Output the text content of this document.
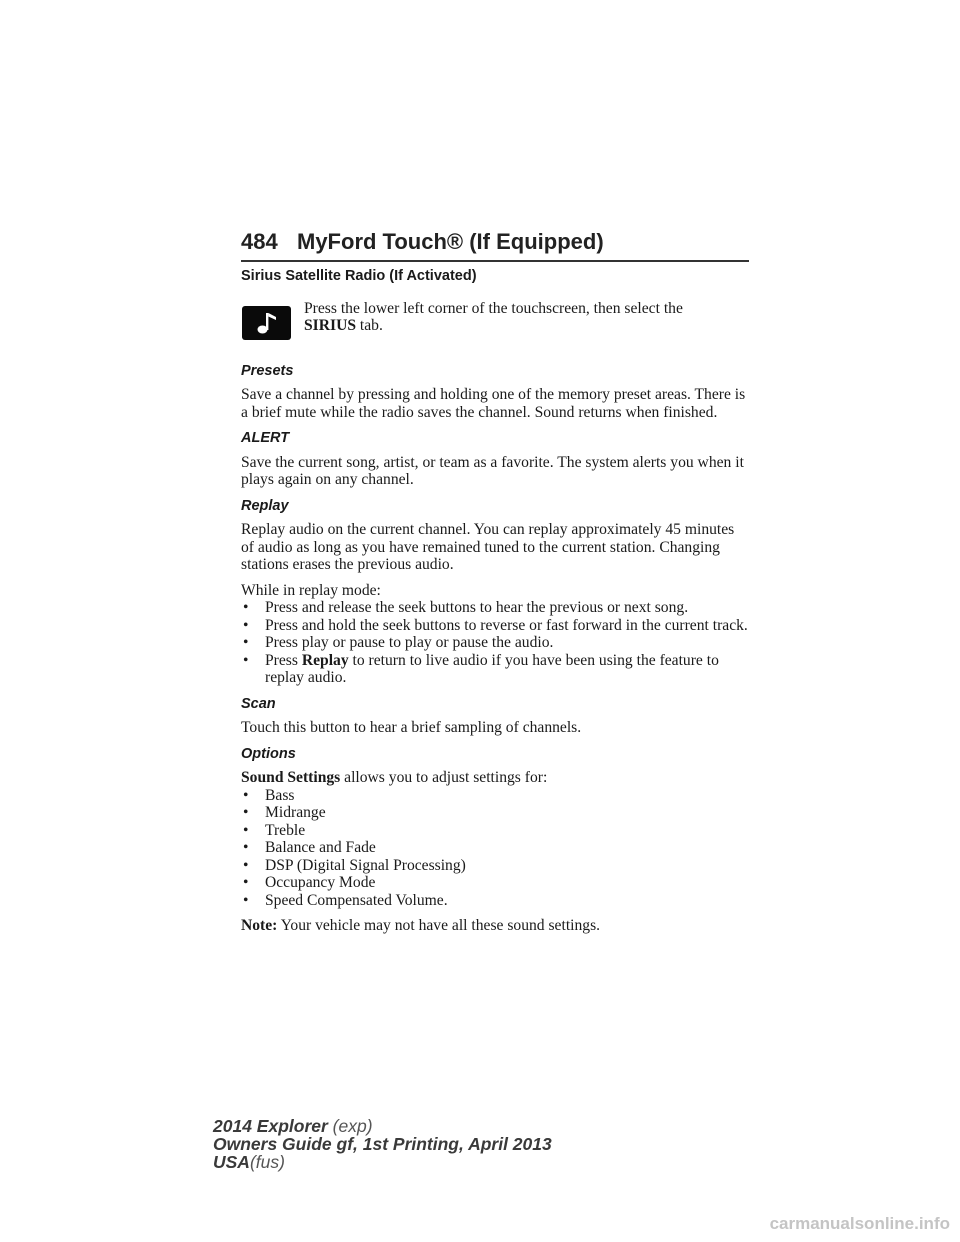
484 MyFord Touch® (If Equipped)
Sirius Satellite Radio (If Activated)
Press the lower left corner of the touchscreen, then select the
SIRIUS tab.
Presets

Save a channel by pressing and holding one of the memory preset areas. There is a brief mute while the radio saves the channel. Sound returns when finished.

ALERT

Save the current song, artist, or team as a favorite. The system alerts you when it plays again on any channel.

Replay

Replay audio on the current channel. You can replay approximately 45 minutes of audio as long as you have remained tuned to the current station. Changing stations erases the previous audio.

While in replay mode:
• Press and release the seek buttons to hear the previous or next song.
• Press and hold the seek buttons to reverse or fast forward in the current track.
• Press play or pause to play or pause the audio.
• Press Replay to return to live audio if you have been using the feature to replay audio.
Scan

Touch this button to hear a brief sampling of channels.

Options
Sound Settings allows you to adjust settings for:
• Bass
• Midrange
• Treble
• Balance and Fade
• DSP (Digital Signal Processing)
• Occupancy Mode
• Speed Compensated Volume.

Note: Your vehicle may not have all these sound settings.

2014 Explorer (exp)
Owners Guide gf, 1st Printing, April 2013
USA(fus)
carmanualsonline.info
